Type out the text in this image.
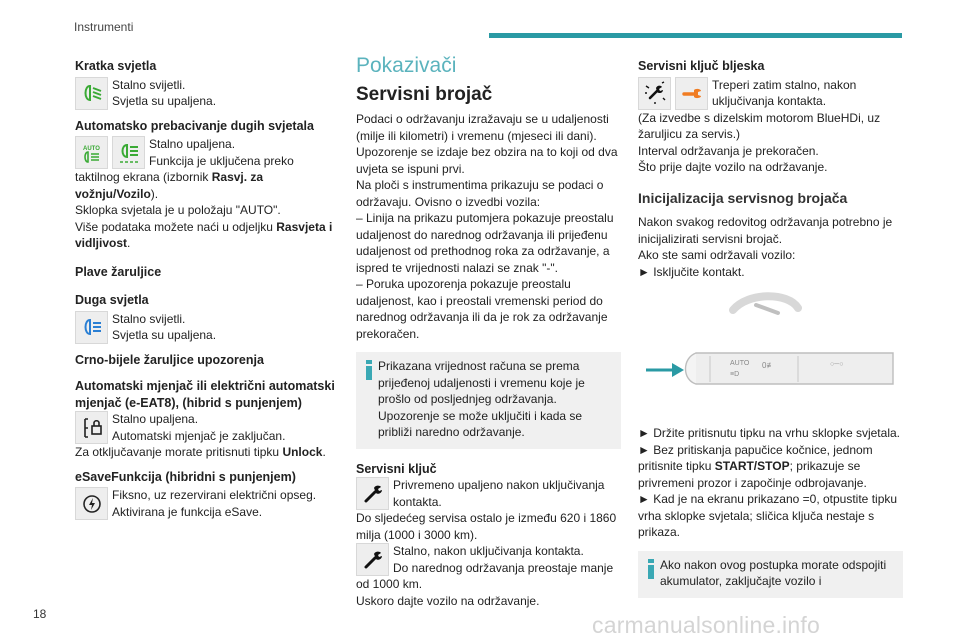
Instrumenti

Kratka svjetla

Stalno svijetli.

Svjetla su upaljena.

Automatsko prebacivanje dugih svjetala

AUTO	Stalno upaljena.

Funkcija je uključena preko

taktilnog ekrana (izbornik Rasvj. za vožnju/Vozilo).

Sklopka svjetala je u položaju "AUTO".

Više podataka možete naći u odjeljku Rasvjeta i vidljivost.

Plave žaruljice

Duga svjetla

Stalno svijetli.

Svjetla su upaljena.

Crno-bijele žaruljice upozorenja

Automatski mjenjač ili električni automatski mjenjač (e-EAT8), (hibrid s punjenjem)

Stalno upaljena.

Automatski mjenjač je zaključan.

Za otključavanje morate pritisnuti tipku Unlock.

eSaveFunkcija (hibridni s punjenjem)

Fiksno, uz rezervirani električni opseg.

Aktivirana je funkcija eSave.

Pokazivači

Servisni brojač

Podaci o održavanju izražavaju se u udaljenosti (milje ili kilometri) i vremenu (mjeseci ili dani).
Upozorenje se izdaje bez obzira na to koji od dva uvjeta se ispuni prvi.
Na ploči s instrumentima prikazuju se podaci o održavaju. Ovisno o izvedbi vozila:
– Linija na prikazu putomjera pokazuje preostalu udaljenost do narednog održavanja ili prijeđenu udaljenost od prethodnog roka za održavanje, a ispred te vrijednosti nalazi se znak "-".
– Poruka upozorenja pokazuje preostalu udaljenost, kao i preostali vremenski period do narednog održavanja ili da je rok za održavanje prekoračen.

Prikazana vrijednost računa se prema prijeđenoj udaljenosti i vremenu koje je prošlo od posljednjeg održavanja.
Upozorenje se može uključiti i kada se približi naredno održavanje.

Servisni ključ

Privremeno upaljeno nakon uključivanja kontakta.

Do sljedećeg servisa ostalo je između 620 i 1860 milja (1000 i 3000 km).

Stalno, nakon uključivanja kontakta.

Do narednog održavanja preostaje manje

od 1000 km.

Uskoro dajte vozilo na održavanje.

Servisni ključ bljeska

Treperi zatim stalno, nakon uključivanja kontakta.

(Za izvedbe s dizelskim motorom BlueHDi, uz žaruljicu za servis.)

Interval održavanja je prekoračen.

Što prije dajte vozilo na održavanje.

Inicijalizacija servisnog brojača

Nakon svakog redovitog održavanja potrebno je inicijalizirati servisni brojač.
Ako ste sami održavali vozilo:

► Isključite kontakt.

AUTO
≡D
0≢	○─○

► Držite pritisnutu tipku na vrhu sklopke svjetala.

► Bez pritiskanja papučice kočnice, jednom pritisnite tipku START/STOP; prikazuje se privremeni prozor i započinje odbrojavanje.

► Kad je na ekranu prikazano =0, otpustite tipku vrha sklopke svjetala; sličica ključa nestaje s prikaza.

Ako nakon ovog postupka morate odspojiti akumulator, zaključajte vozilo i

18	carmanualsonline.info
